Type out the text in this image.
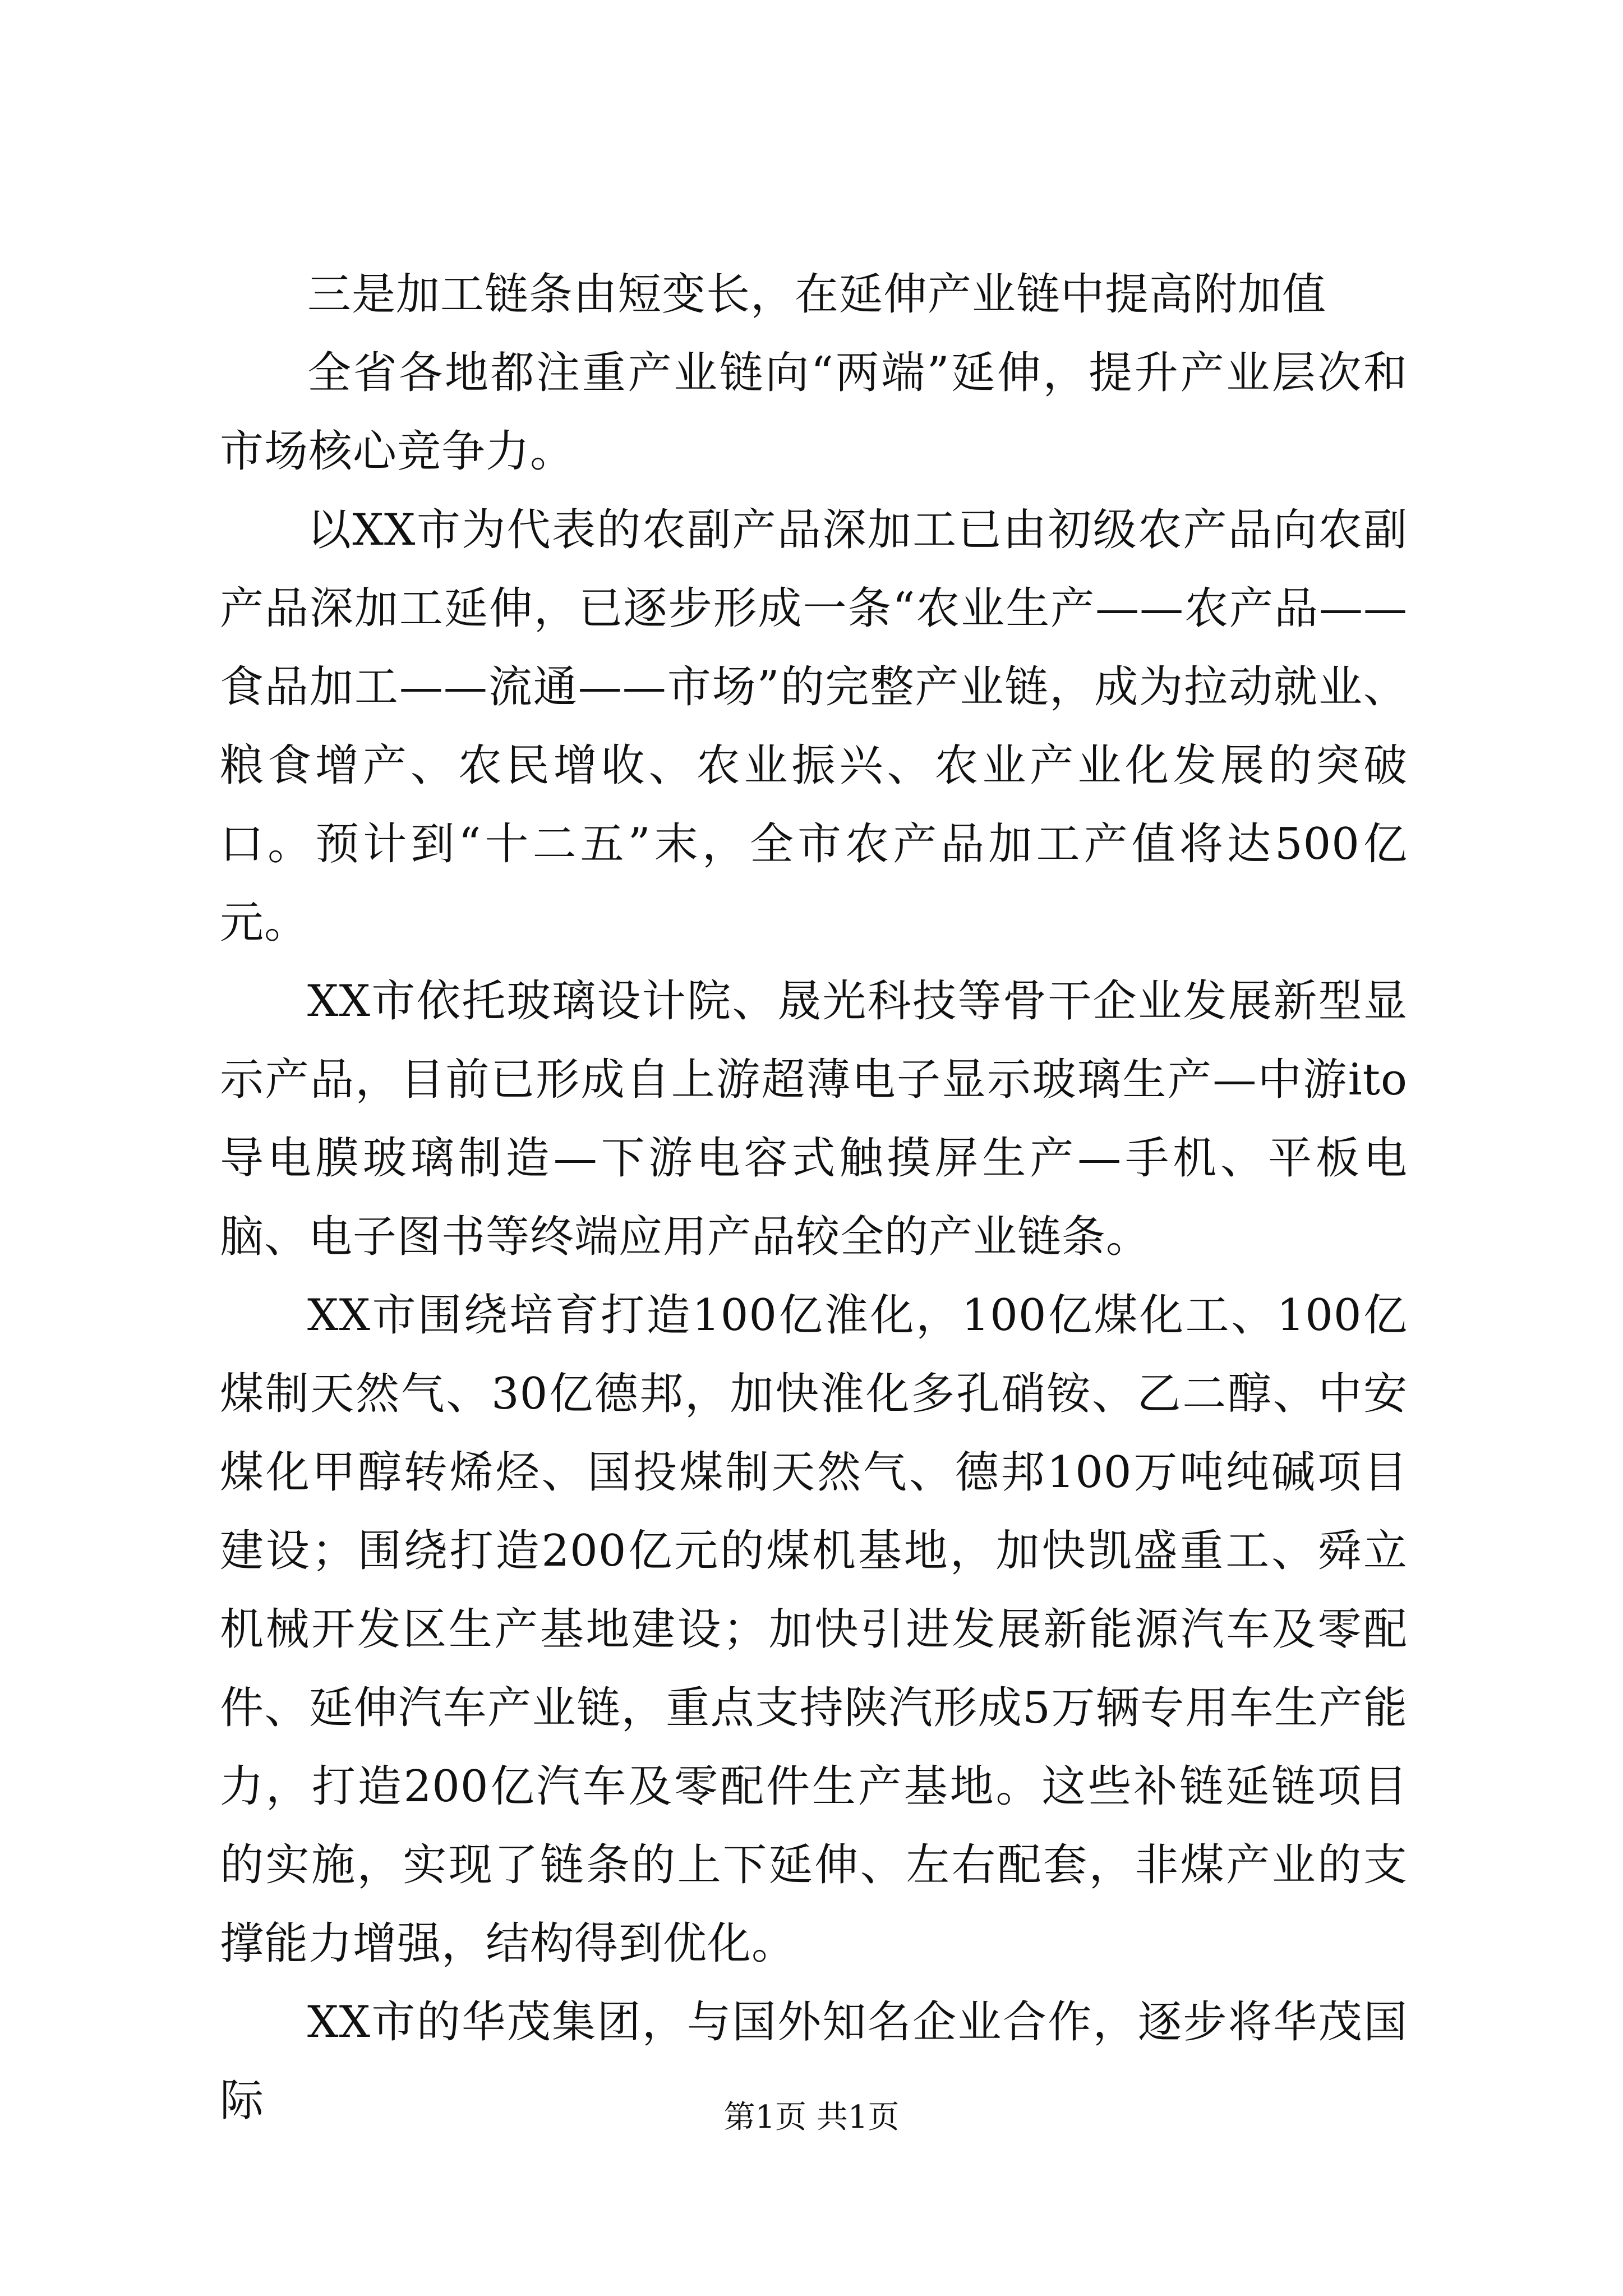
三是加工链条由短变长，在延伸产业链中提高附加值

全省各地都注重产业链向“两端”延伸，提升产业层次和市场核心竞争力。

以XX市为代表的农副产品深加工已由初级农产品向农副产品深加工延伸，已逐步形成一条“农业生产——农产品——食品加工——流通——市场”的完整产业链，成为拉动就业、粮食增产、农民增收、农业振兴、农业产业化发展的突破口。预计到“十二五”末，全市农产品加工产值将达500亿元。

XX市依托玻璃设计院、晟光科技等骨干企业发展新型显示产品，目前已形成自上游超薄电子显示玻璃生产—中游ito导电膜玻璃制造—下游电容式触摸屏生产—手机、平板电脑、电子图书等终端应用产品较全的产业链条。

XX市围绕培育打造100亿淮化，100亿煤化工、100亿煤制天然气、30亿德邦，加快淮化多孔硝铵、乙二醇、中安煤化甲醇转烯烃、国投煤制天然气、德邦100万吨纯碱项目建设；围绕打造200亿元的煤机基地，加快凯盛重工、舜立机械开发区生产基地建设；加快引进发展新能源汽车及零配件、延伸汽车产业链，重点支持陕汽形成5万辆专用车生产能力，打造200亿汽车及零配件生产基地。这些补链延链项目的实施，实现了链条的上下延伸、左右配套，非煤产业的支撑能力增强，结构得到优化。

XX市的华茂集团，与国外知名企业合作，逐步将华茂国际	第1页 共1页
